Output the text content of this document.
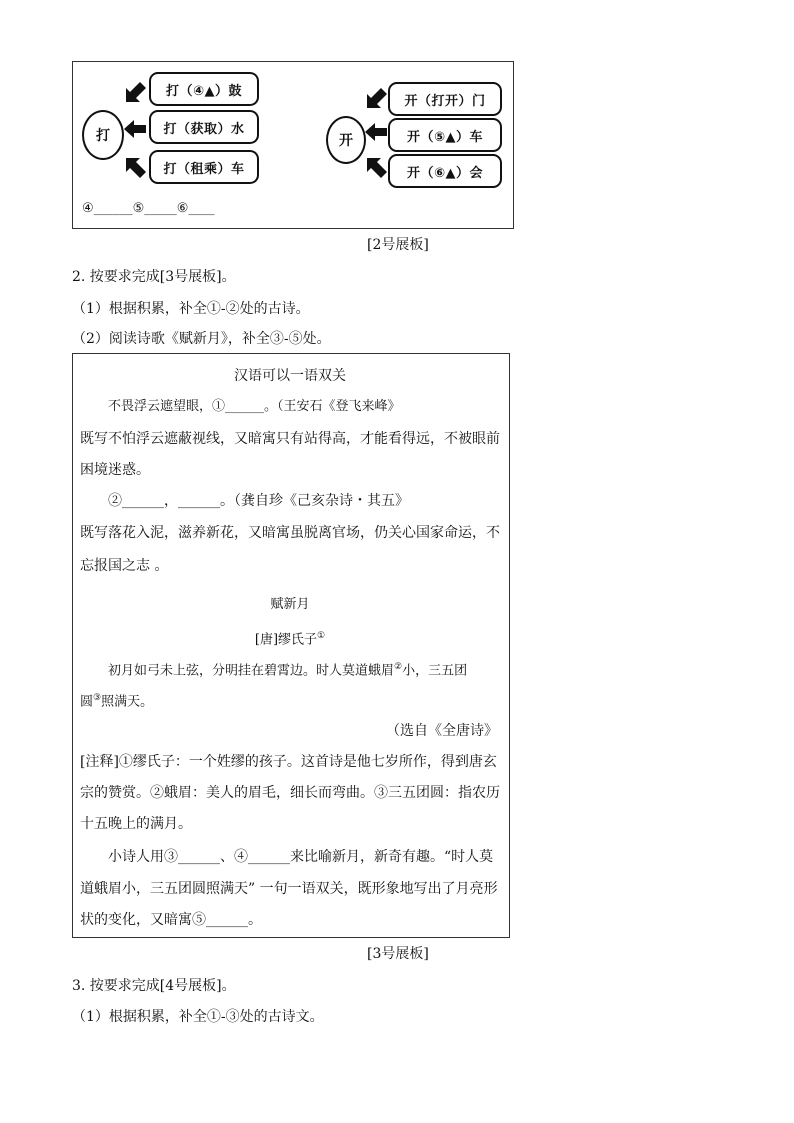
打
打（④▲）鼓
打（获取）水
打（租乘）车
开
开（打开）门
开（⑤▲）车
开（⑥▲）会
④______⑤_____⑥____
[2号展板]
2. 按要求完成[3号展板]。
（1）根据积累，补全①-②处的古诗。
（2）阅读诗歌《赋新月》，补全③-⑤处。
汉语可以一语双关
不畏浮云遮望眼，①______。（王安石《登飞来峰》
既写不怕浮云遮蔽视线，又暗寓只有站得高，才能看得远，不被眼前
困境迷惑。
②______，______。（龚自珍《己亥杂诗・其五》
既写落花入泥，滋养新花，又暗寓虽脱离官场，仍关心国家命运，不
忘报国之志 。
赋新月
[唐]缪氏子①
初月如弓未上弦，分明挂在碧霄边。时人莫道蛾眉②小，三五团
圆③照满天。
（选自《全唐诗》
[注释]①缪氏子：一个姓缪的孩子。这首诗是他七岁所作，得到唐玄
宗的赞赏。②蛾眉：美人的眉毛，细长而弯曲。③三五团圆：指农历
十五晚上的满月。
小诗人用③______、④______来比喻新月，新奇有趣。“时人莫
道蛾眉小，三五团圆照满天” 一句一语双关，既形象地写出了月亮形
状的变化，又暗寓⑤______。
[3号展板]
3. 按要求完成[4号展板]。
（1）根据积累，补全①-③处的古诗文。
